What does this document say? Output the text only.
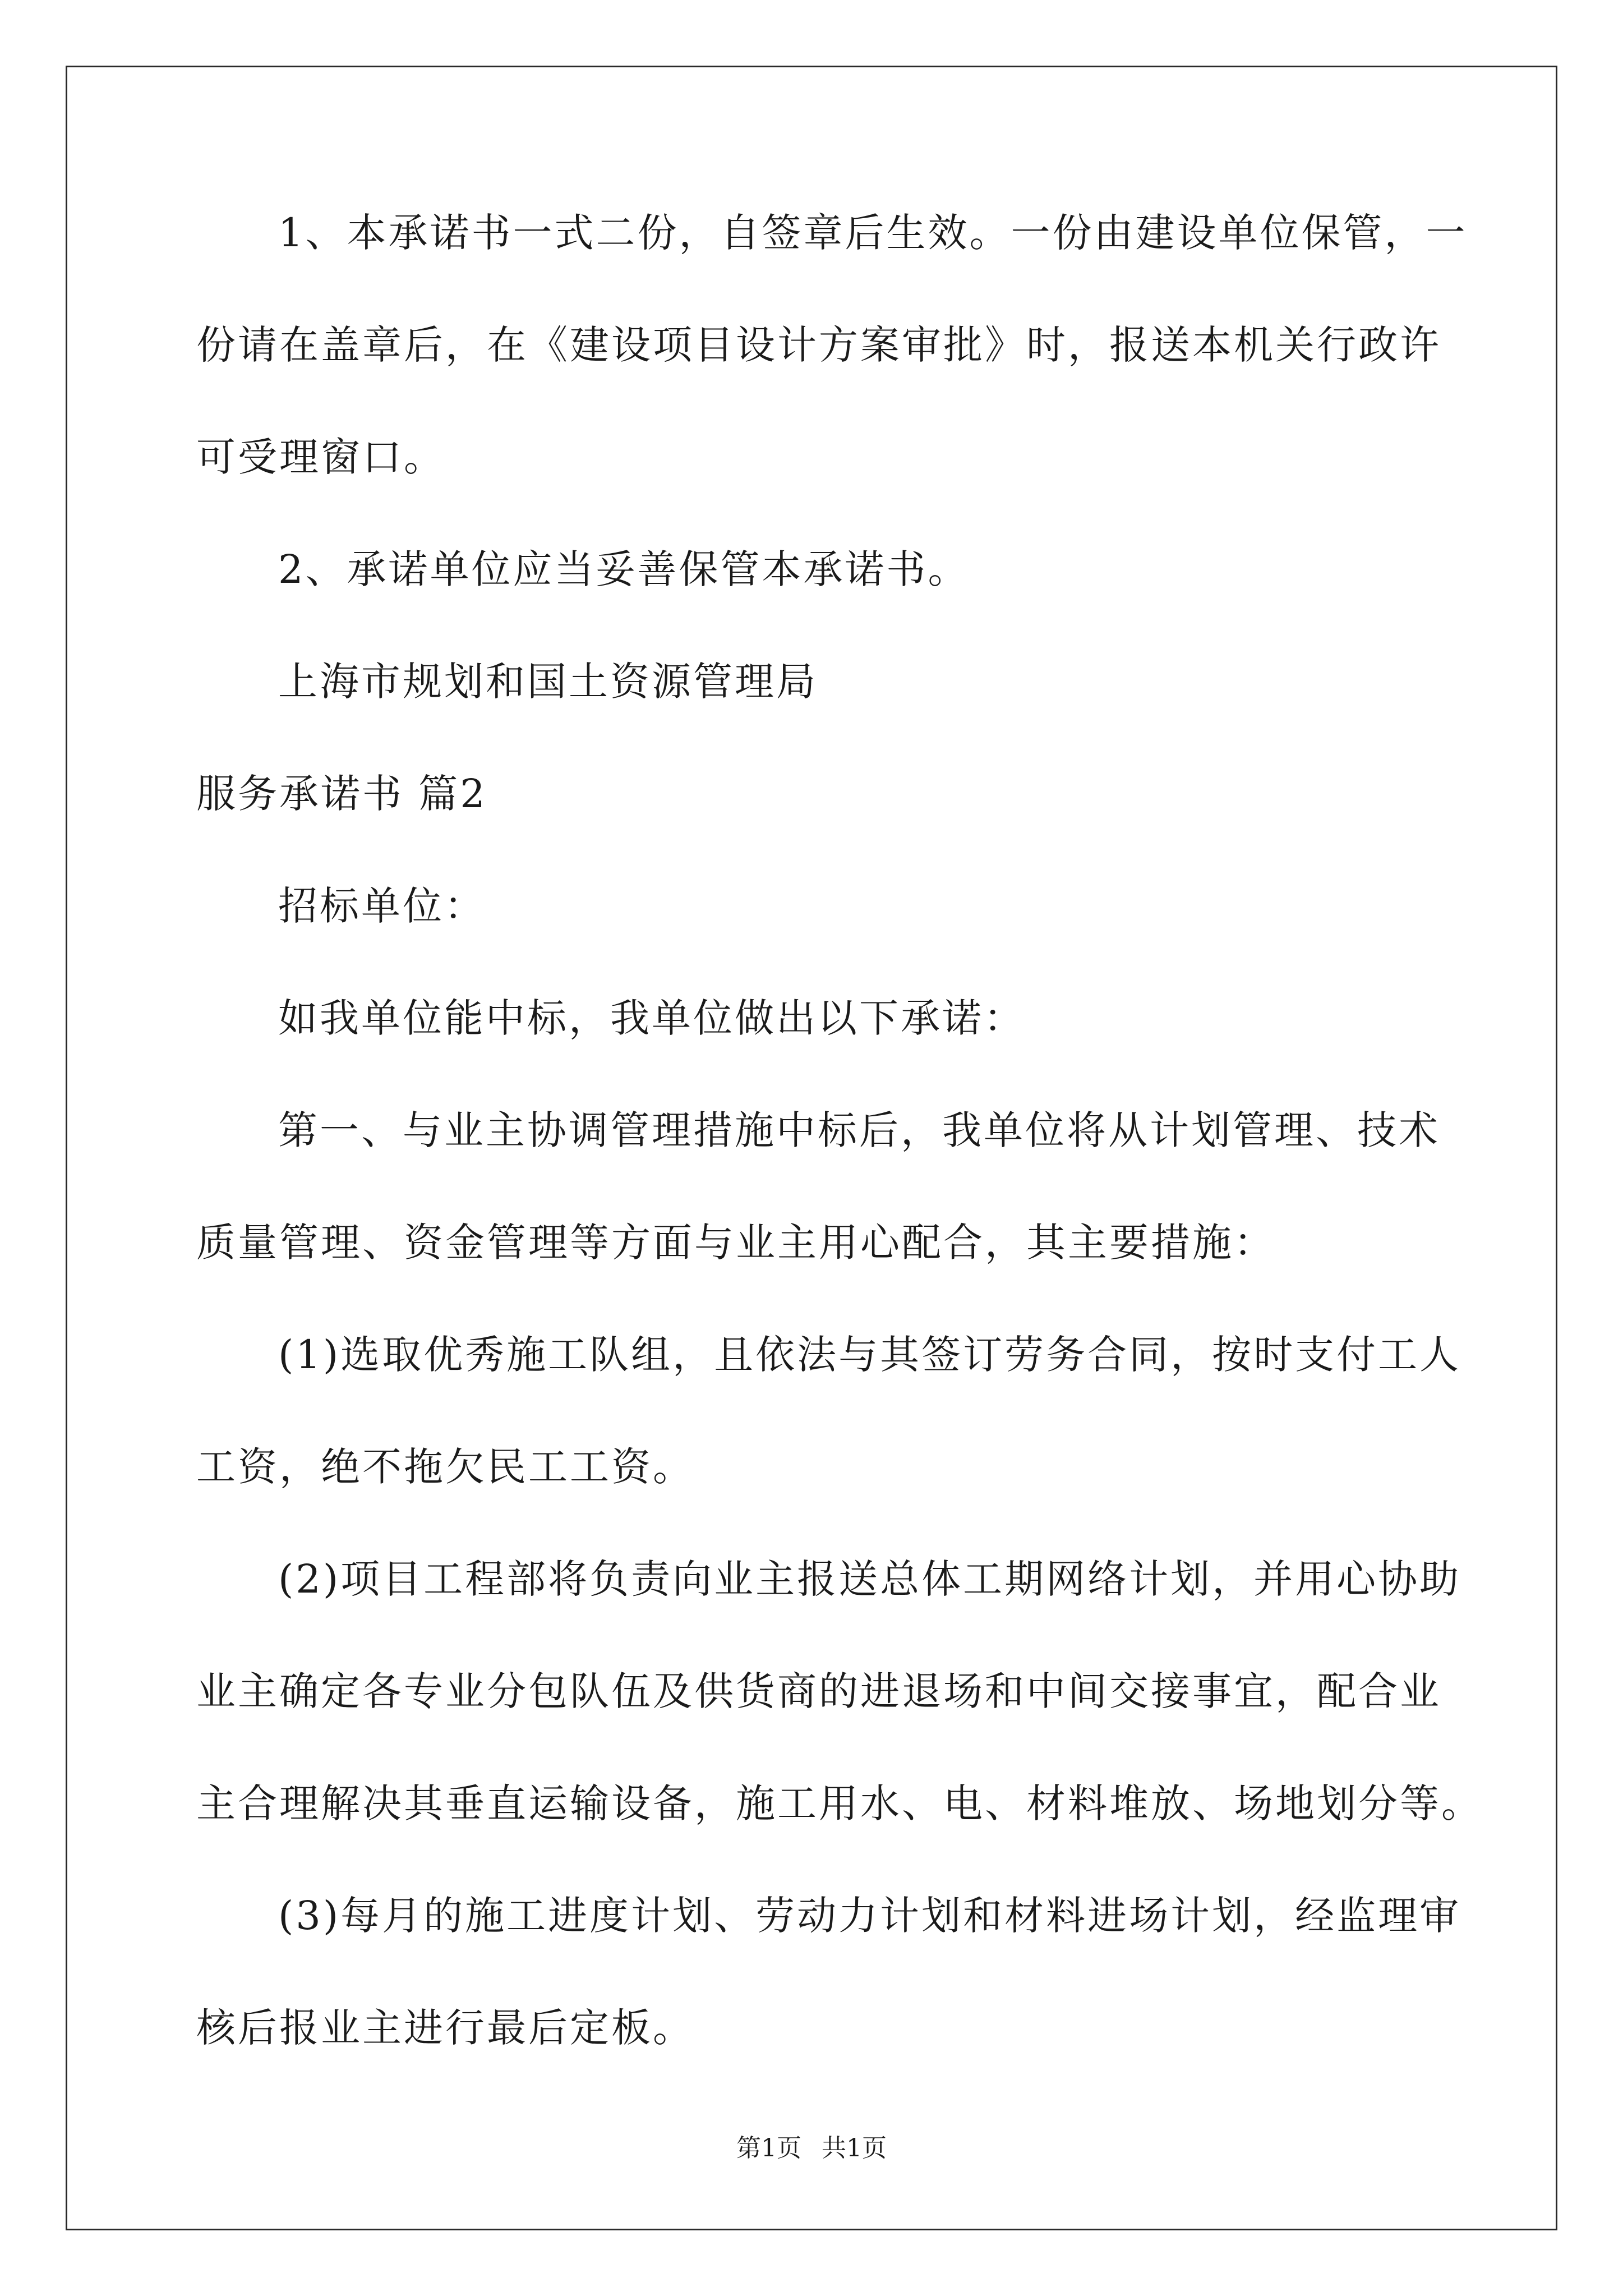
1、本承诺书一式二份，自签章后生效。一份由建设单位保管，一
份请在盖章后，在《建设项目设计方案审批》时，报送本机关行政许
可受理窗口。
2、承诺单位应当妥善保管本承诺书。
上海市规划和国土资源管理局
服务承诺书 篇2
招标单位：
如我单位能中标，我单位做出以下承诺：
第一、与业主协调管理措施中标后，我单位将从计划管理、技术
质量管理、资金管理等方面与业主用心配合，其主要措施：
(1)选取优秀施工队组，且依法与其签订劳务合同，按时支付工人
工资，绝不拖欠民工工资。
(2)项目工程部将负责向业主报送总体工期网络计划，并用心协助
业主确定各专业分包队伍及供货商的进退场和中间交接事宜，配合业
主合理解决其垂直运输设备，施工用水、电、材料堆放、场地划分等。
(3)每月的施工进度计划、劳动力计划和材料进场计划，经监理审
核后报业主进行最后定板。
第1页 共1页
